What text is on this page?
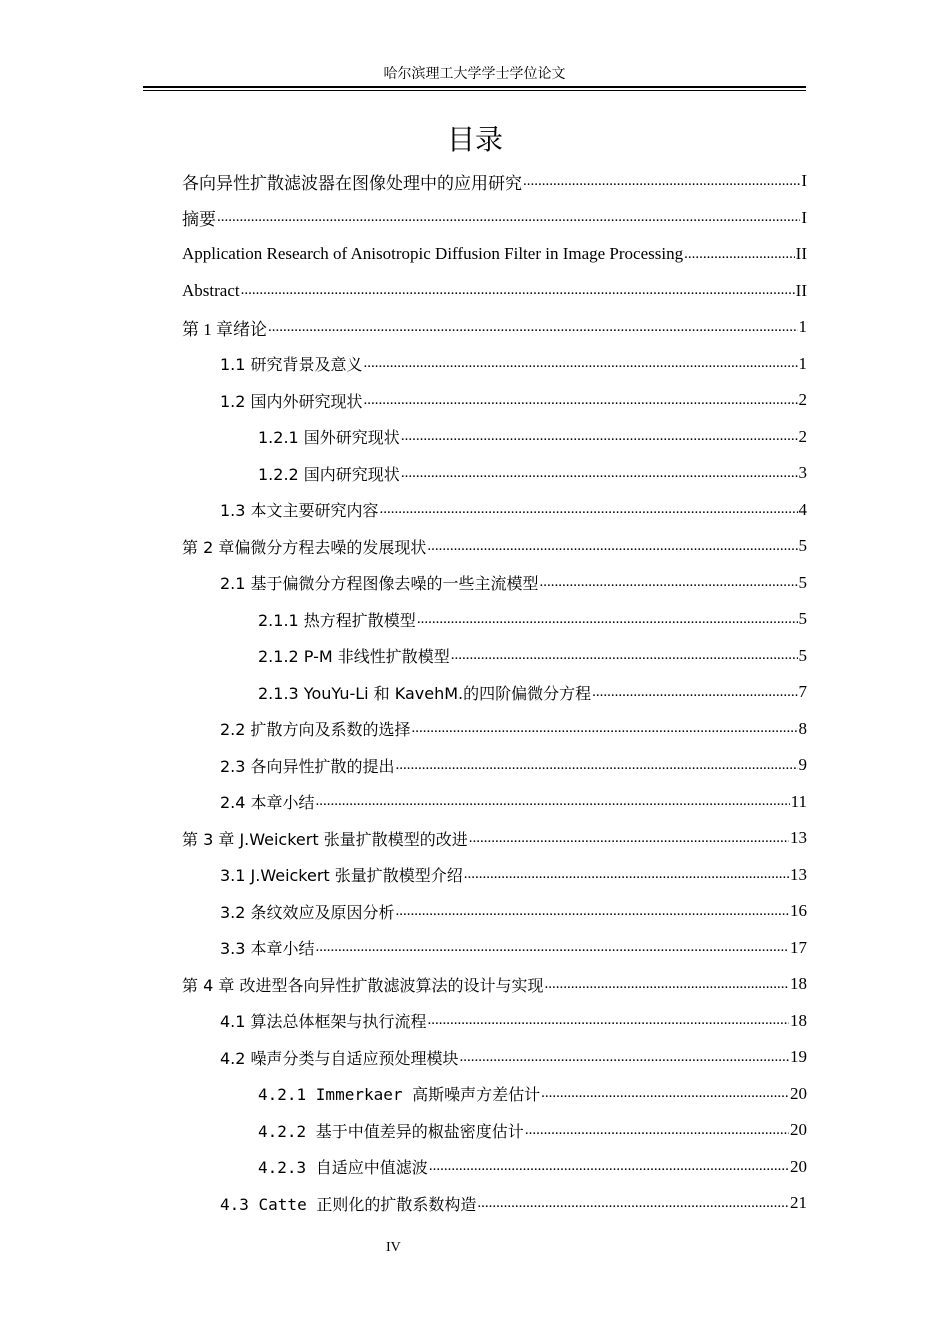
哈尔滨理工大学学士学位论文
目录
各向异性扩散滤波器在图像处理中的应用研究 .....	I
摘要 .....	I
Application Research of Anisotropic Diffusion Filter in Image Processing .....	II
Abstract .....	II
第 1 章绪论 .....	1
1.1 研究背景及意义 .....	1
1.2 国内外研究现状 .....	2
1.2.1 国外研究现状 .....	2
1.2.2 国内研究现状 .....	3
1.3 本文主要研究内容 .....	4
第 2 章偏微分方程去噪的发展现状 .....	5
2.1 基于偏微分方程图像去噪的一些主流模型 .....	5
2.1.1 热方程扩散模型 .....	5
2.1.2 P-M 非线性扩散模型 .....	5
2.1.3 YouYu-Li 和 KavehM.的四阶偏微分方程 .....	7
2.2 扩散方向及系数的选择 .....	8
2.3 各向异性扩散的提出 .....	9
2.4 本章小结 .....	11
第 3 章 J.Weickert 张量扩散模型的改进 .....	13
3.1 J.Weickert 张量扩散模型介绍 .....	13
3.2 条纹效应及原因分析 .....	16
3.3 本章小结 .....	17
第 4 章 改进型各向异性扩散滤波算法的设计与实现 .....	18
4.1 算法总体框架与执行流程 .....	18
4.2 噪声分类与自适应预处理模块 .....	19
4.2.1 Immerkaer 高斯噪声方差估计 .....	20
4.2.2 基于中值差异的椒盐密度估计 .....	20
4.2.3 自适应中值滤波 .....	20
4.3 Catte 正则化的扩散系数构造 .....	21
IV
